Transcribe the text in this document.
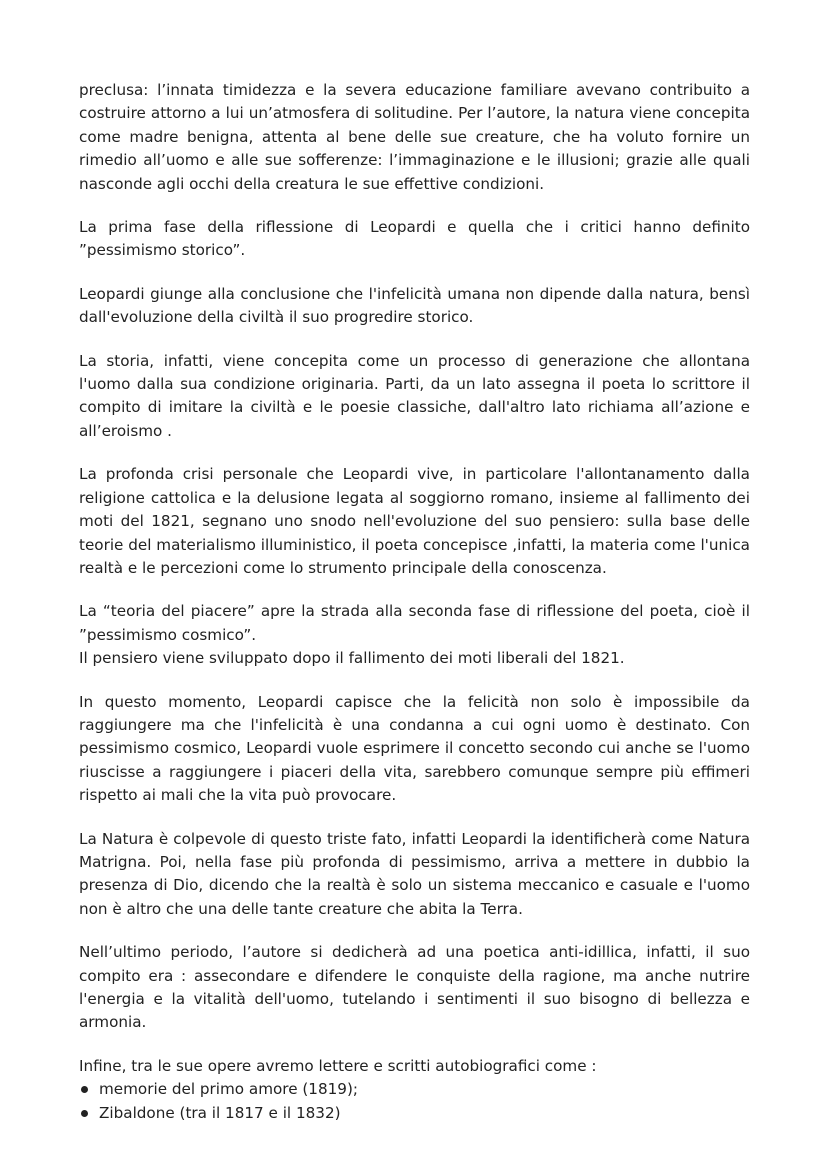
preclusa: l’innata timidezza e la severa educazione familiare avevano contribuito a costruire attorno a lui un’atmosfera di solitudine. Per l’autore, la natura viene concepita come madre benigna, attenta al bene delle sue creature, che ha voluto fornire un rimedio all’uomo e alle sue sofferenze: l’immaginazione e le illusioni; grazie alle quali nasconde agli occhi della creatura le sue effettive condizioni.

La prima fase della riflessione di Leopardi e quella che i critici hanno definito ”pessimismo storico”.

Leopardi giunge alla conclusione che l'infelicità umana non dipende dalla natura, bensì dall'evoluzione della civiltà il suo progredire storico.

La storia, infatti, viene concepita come un processo di generazione che allontana l'uomo dalla sua condizione originaria. Parti, da un lato assegna il poeta lo scrittore il compito di imitare la civiltà e le poesie classiche, dall'altro lato richiama all’azione e all’eroismo .

La profonda crisi personale che Leopardi vive, in particolare l'allontanamento dalla religione cattolica e la delusione legata al soggiorno romano, insieme al fallimento dei moti del 1821, segnano uno snodo nell'evoluzione del suo pensiero: sulla base delle teorie del materialismo illuministico, il poeta concepisce ,infatti, la materia come l'unica realtà e le percezioni come lo strumento principale della conoscenza.

La “teoria del piacere” apre la strada alla seconda fase di riflessione del poeta, cioè il ”pessimismo cosmico”.
Il pensiero viene sviluppato dopo il fallimento dei moti liberali del 1821.

In questo momento, Leopardi capisce che la felicità non solo è impossibile da raggiungere ma che l'infelicità è una condanna a cui ogni uomo è destinato. Con pessimismo cosmico, Leopardi vuole esprimere il concetto secondo cui anche se l'uomo riuscisse a raggiungere i piaceri della vita, sarebbero comunque sempre più effimeri rispetto ai mali che la vita può provocare.

La Natura è colpevole di questo triste fato, infatti Leopardi la identificherà come Natura Matrigna. Poi, nella fase più profonda di pessimismo, arriva a mettere in dubbio la presenza di Dio, dicendo che la realtà è solo un sistema meccanico e casuale e l'uomo non è altro che una delle tante creature che abita la Terra.

Nell’ultimo periodo, l’autore si dedicherà ad una poetica anti-idillica, infatti, il suo compito era : assecondare e difendere le conquiste della ragione, ma anche nutrire l'energia e la vitalità dell'uomo, tutelando i sentimenti il suo bisogno di bellezza e armonia.

Infine, tra le sue opere avremo lettere e scritti autobiografici come :

memorie del primo amore (1819);
Zibaldone (tra il 1817 e il 1832)
